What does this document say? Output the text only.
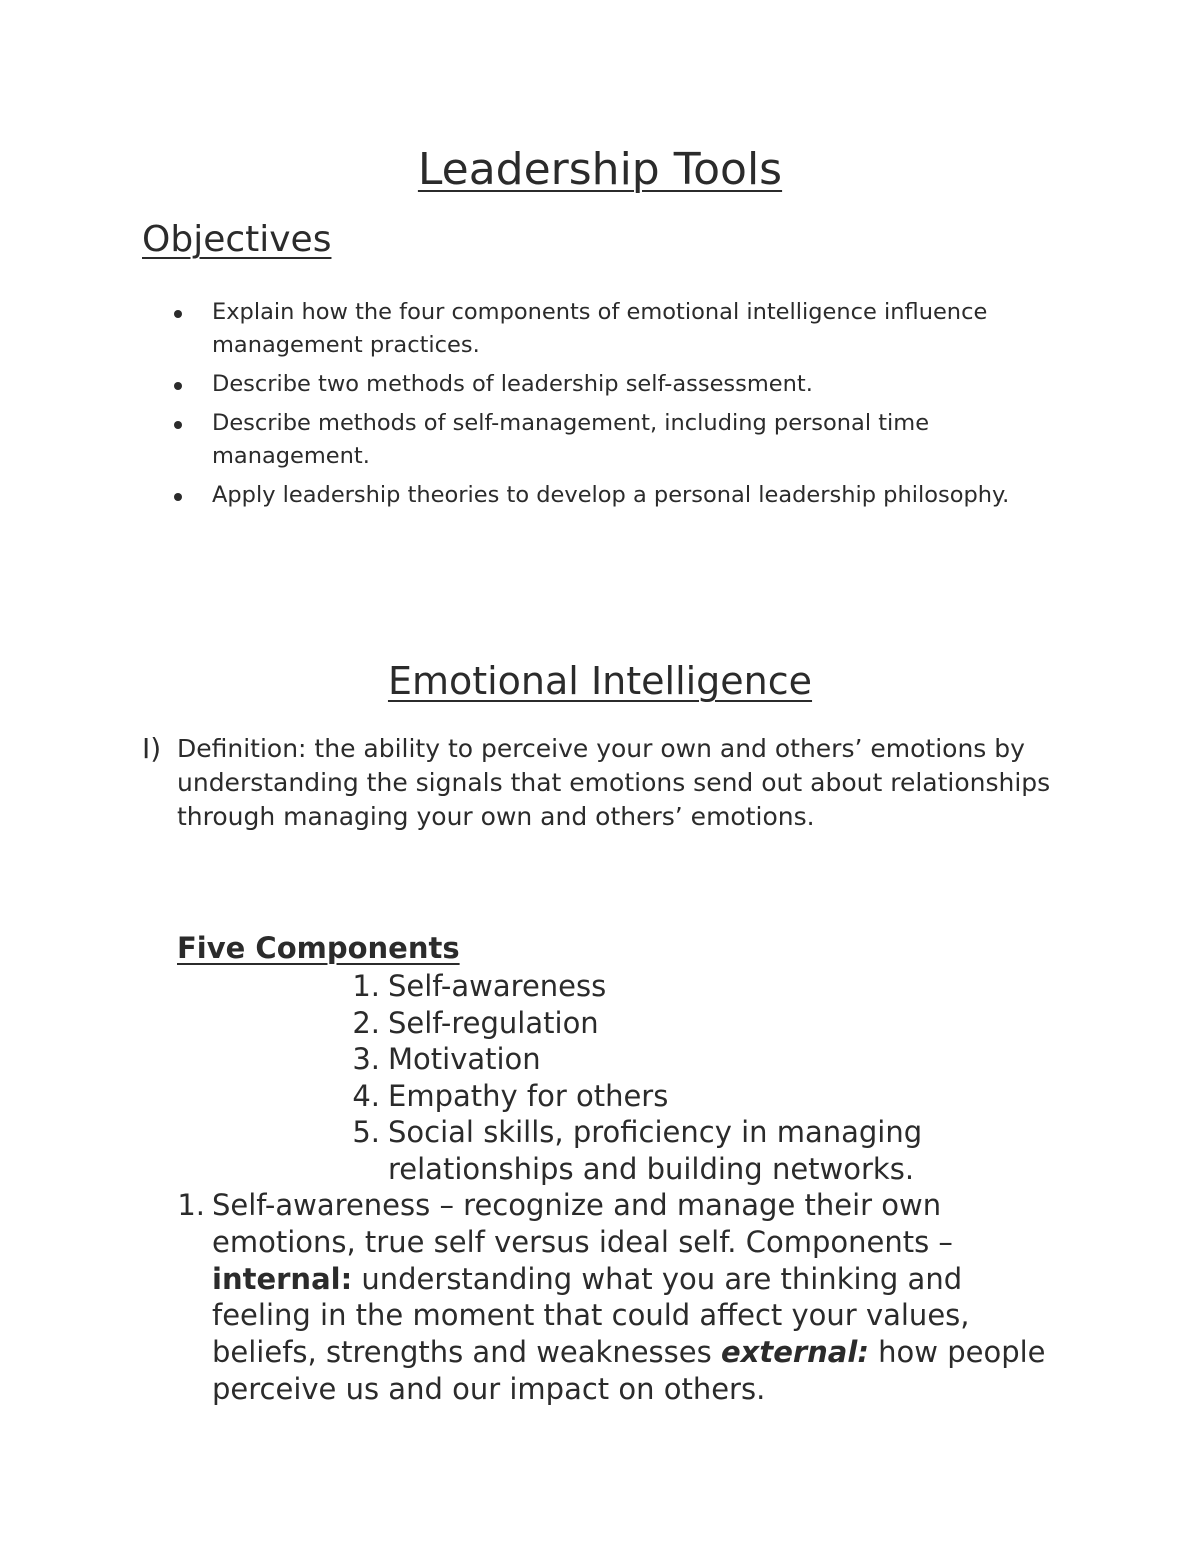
Leadership Tools
Objectives
Explain how the four components of emotional intelligence influence management practices.
Describe two methods of leadership self-assessment.
Describe methods of self-management, including personal time management.
Apply leadership theories to develop a personal leadership philosophy.
Emotional Intelligence
I) Definition: the ability to perceive your own and others’ emotions by understanding the signals that emotions send out about relationships through managing your own and others’ emotions.
Five Components
1. Self-awareness
2. Self-regulation
3. Motivation
4. Empathy for others
5. Social skills, proficiency in managing relationships and building networks.
1. Self-awareness – recognize and manage their own emotions, true self versus ideal self. Components – internal: understanding what you are thinking and feeling in the moment that could affect your values, beliefs, strengths and weaknesses external: how people perceive us and our impact on others.
